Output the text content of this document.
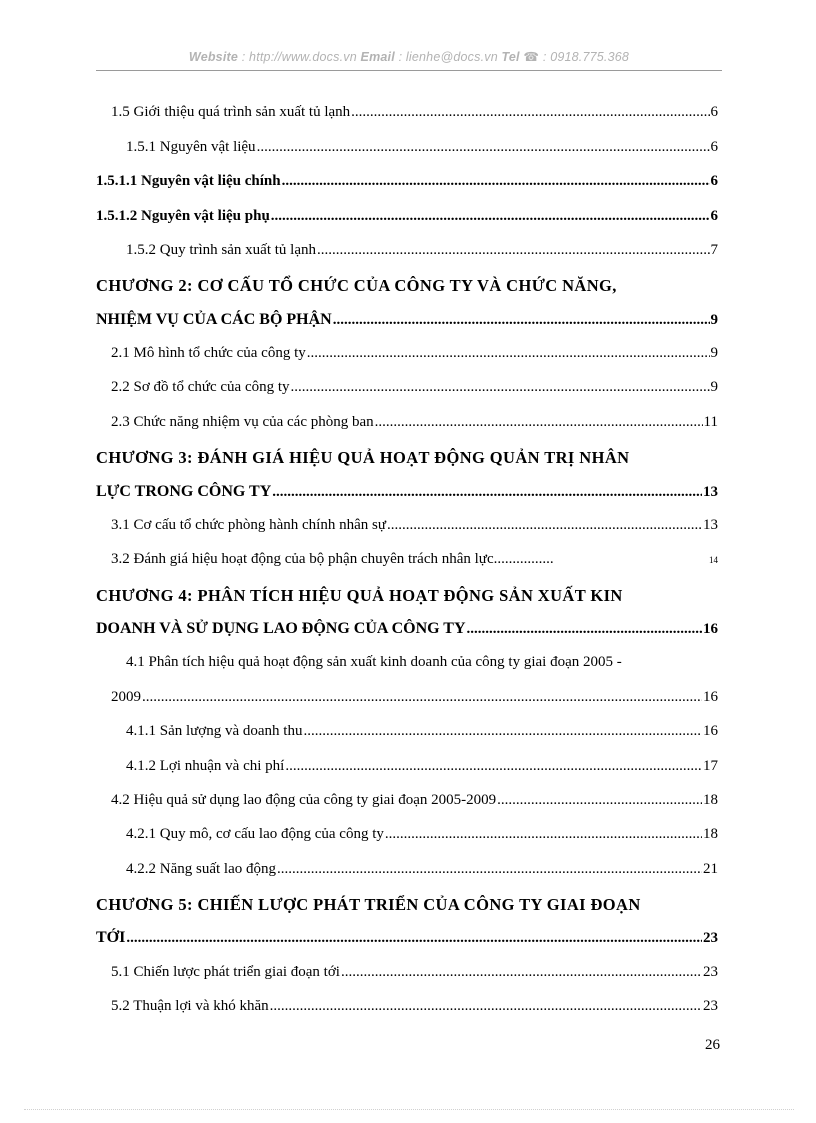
Website : http://www.docs.vn Email : lienhe@docs.vn Tel ☎ : 0918.775.368
1.5 Giới thiệu quá trình sản xuất tủ lạnh .....	6
1.5.1 Nguyên vật liệu .....	6
1.5.1.1 Nguyên vật liệu chính .....	6
1.5.1.2 Nguyên vật liệu phụ .....	6
1.5.2 Quy trình sản xuất tủ lạnh .....	7
CHƯƠNG 2: CƠ CẤU TỔ CHỨC CỦA CÔNG TY VÀ CHỨC NĂNG,
NHIỆM VỤ CỦA CÁC BỘ PHẬN .....	9
2.1 Mô hình tổ chức của công ty .....	9
2.2 Sơ đồ tổ chức của công ty .....	9
2.3 Chức năng nhiệm vụ của các phòng ban .....	11
CHƯƠNG 3: ĐÁNH GIÁ HIỆU QUẢ HOẠT ĐỘNG QUẢN TRỊ NHÂN
LỰC TRONG CÔNG TY .....	13
3.1 Cơ cấu tổ chức phòng hành chính nhân sự .....	13
3.2 Đánh giá hiệu hoạt động của bộ phận chuyên trách nhân lực ................	14
CHƯƠNG 4: PHÂN TÍCH HIỆU QUẢ HOẠT ĐỘNG SẢN XUẤT KIN
DOANH VÀ SỬ DỤNG LAO ĐỘNG CỦA CÔNG TY .....	16
4.1 Phân tích hiệu quả hoạt động sản xuất kinh doanh của công ty giai đoạn 2005 -
2009 .....	16
4.1.1 Sản lượng và doanh thu .....	16
4.1.2 Lợi nhuận và chi phí .....	17
4.2 Hiệu quả sử dụng lao động của công ty giai đoạn 2005-2009 .....	18
4.2.1 Quy mô, cơ cấu lao động của công ty .....	18
4.2.2 Năng suất lao động .....	21
CHƯƠNG 5: CHIẾN LƯỢC PHÁT TRIỂN CỦA CÔNG TY GIAI ĐOẠN
TỚI .....	23
5.1 Chiến lược phát triển giai đoạn tới .....	23
5.2 Thuận lợi và khó khăn .....	23
26
